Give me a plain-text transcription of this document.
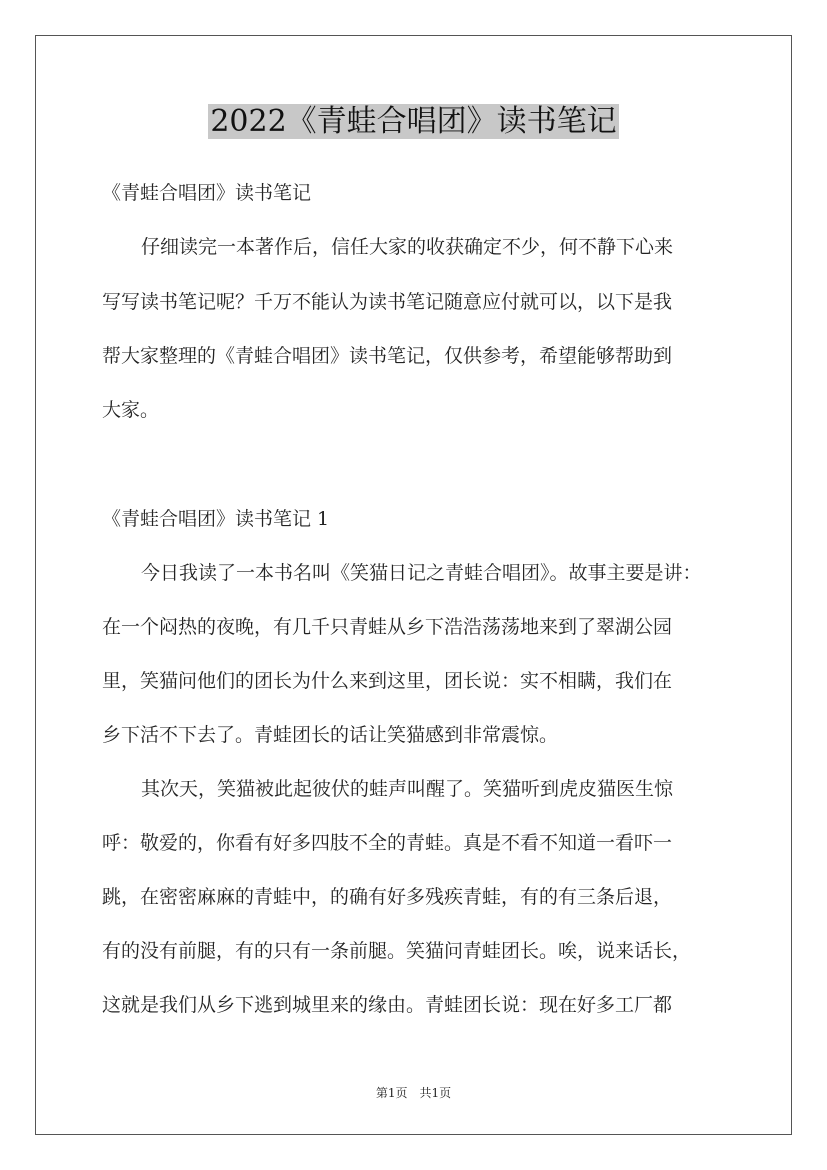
2022《青蛙合唱团》读书笔记
《青蛙合唱团》读书笔记
仔细读完一本著作后，信任大家的收获确定不少，何不静下心来
写写读书笔记呢？千万不能认为读书笔记随意应付就可以，以下是我
帮大家整理的《青蛙合唱团》读书笔记，仅供参考，希望能够帮助到
大家。
《青蛙合唱团》读书笔记 1
今日我读了一本书名叫《笑猫日记之青蛙合唱团》。故事主要是讲：
在一个闷热的夜晚，有几千只青蛙从乡下浩浩荡荡地来到了翠湖公园
里，笑猫问他们的团长为什么来到这里，团长说：实不相瞒，我们在
乡下活不下去了。青蛙团长的话让笑猫感到非常震惊。
其次天，笑猫被此起彼伏的蛙声叫醒了。笑猫听到虎皮猫医生惊
呼：敬爱的，你看有好多四肢不全的青蛙。真是不看不知道一看吓一
跳，在密密麻麻的青蛙中，的确有好多残疾青蛙，有的有三条后退，
有的没有前腿，有的只有一条前腿。笑猫问青蛙团长。唉，说来话长，
这就是我们从乡下逃到城里来的缘由。青蛙团长说：现在好多工厂都
第1页　共1页
